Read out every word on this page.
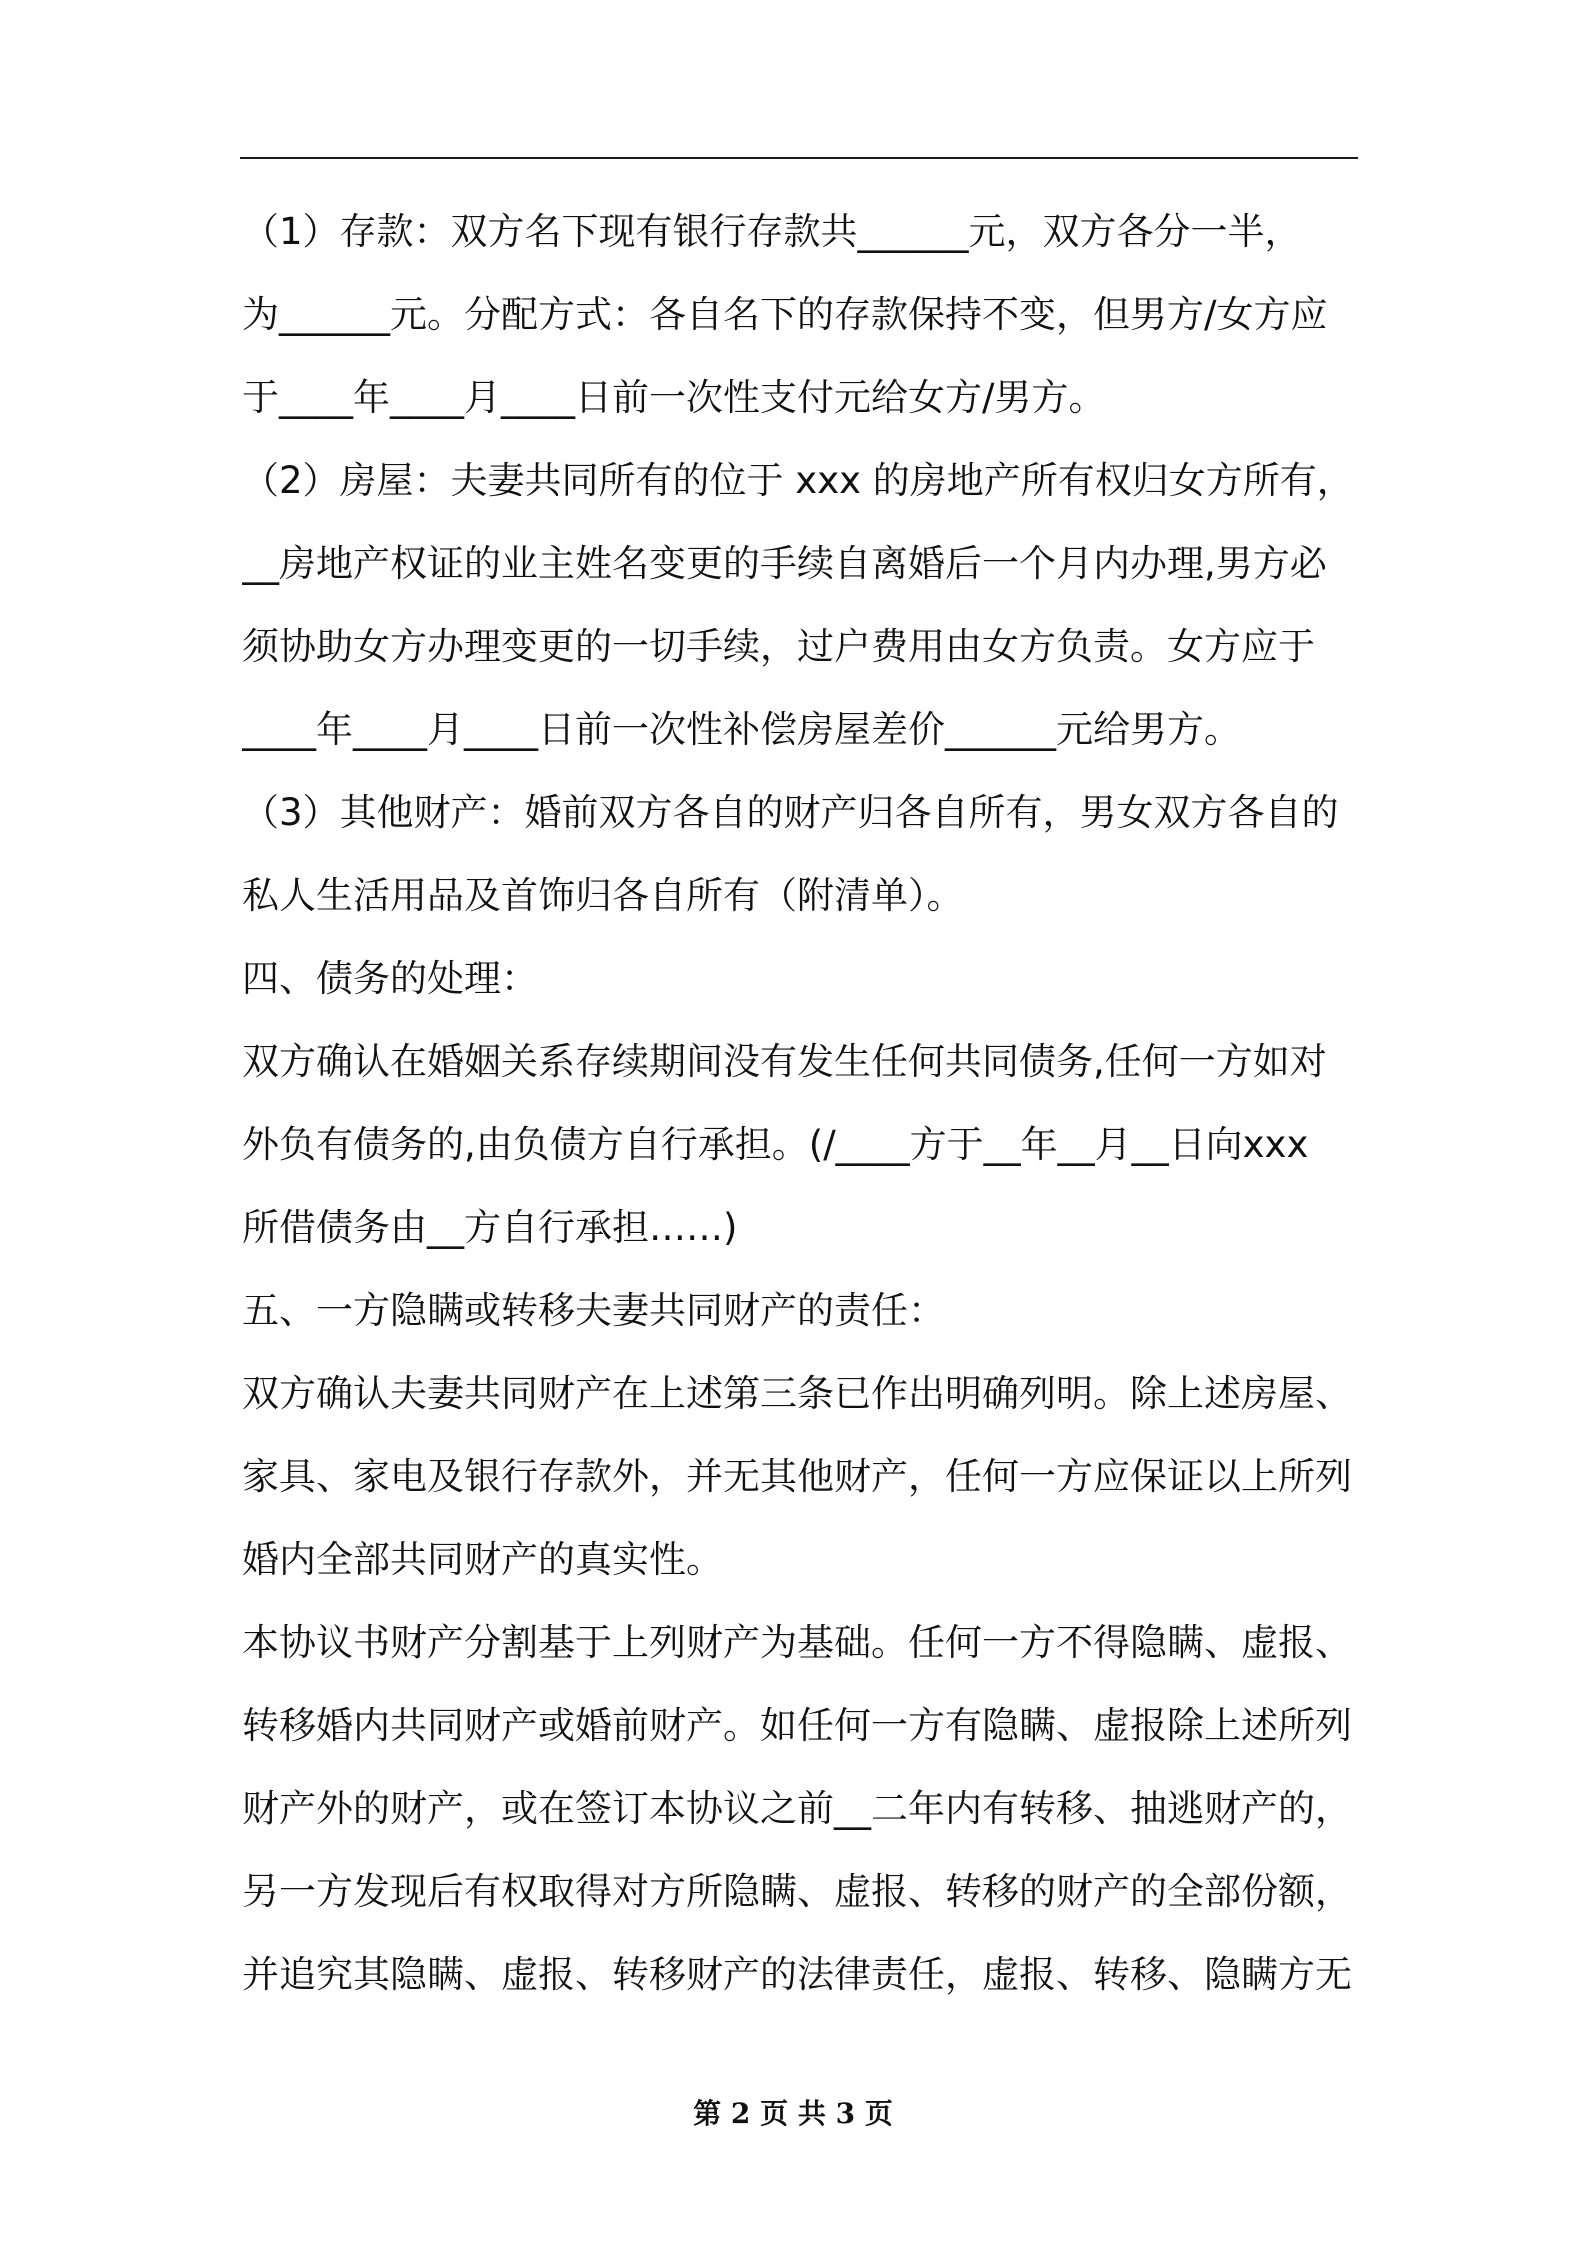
（1）存款：双方名下现有银行存款共______元，双方各分一半，
为______元。分配方式：各自名下的存款保持不变，但男方/女方应
于____年____月____日前一次性支付元给女方/男方。
（2）房屋：夫妻共同所有的位于 xxx 的房地产所有权归女方所有，
__房地产权证的业主姓名变更的手续自离婚后一个月内办理,男方必
须协助女方办理变更的一切手续，过户费用由女方负责。女方应于
____年____月____日前一次性补偿房屋差价______元给男方。
（3）其他财产：婚前双方各自的财产归各自所有，男女双方各自的
私人生活用品及首饰归各自所有（附清单）。
四、债务的处理：
双方确认在婚姻关系存续期间没有发生任何共同债务,任何一方如对
外负有债务的,由负债方自行承担。(/____方于__年__月__日向xxx
所借债务由__方自行承担……)
五、一方隐瞒或转移夫妻共同财产的责任：
双方确认夫妻共同财产在上述第三条已作出明确列明。除上述房屋、
家具、家电及银行存款外，并无其他财产，任何一方应保证以上所列
婚内全部共同财产的真实性。
本协议书财产分割基于上列财产为基础。任何一方不得隐瞒、虚报、
转移婚内共同财产或婚前财产。如任何一方有隐瞒、虚报除上述所列
财产外的财产，或在签订本协议之前__二年内有转移、抽逃财产的，
另一方发现后有权取得对方所隐瞒、虚报、转移的财产的全部份额，
并追究其隐瞒、虚报、转移财产的法律责任，虚报、转移、隐瞒方无
第 2 页 共 3 页
